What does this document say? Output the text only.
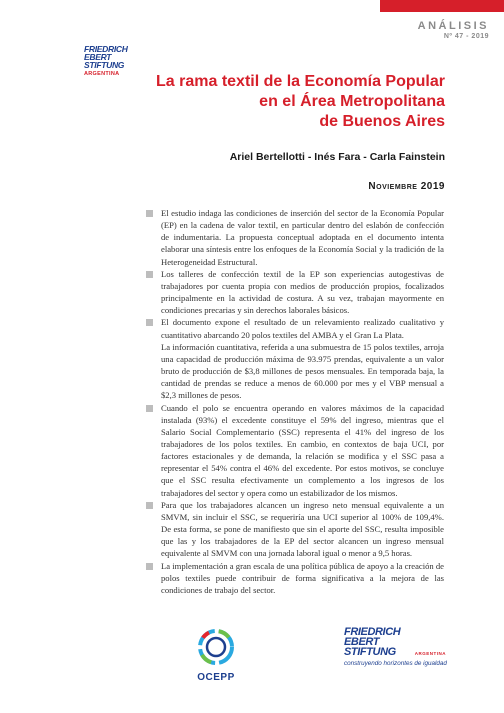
ANÁLISIS
Nº 47 - 2019
FRIEDRICH
EBERT
STIFTUNG
ARGENTINA	La rama textil de la Economía Popular
en el Área Metropolitana
de Buenos Aires
Ariel Bertellotti - Inés Fara - Carla Fainstein
Noviembre 2019

El estudio indaga las condiciones de inserción del sector de la Economía Popular (EP) en la cadena de valor textil, en particular dentro del eslabón de confección de indumentaria. La propuesta conceptual adoptada en el documento intenta elaborar una síntesis entre los enfoques de la Economía Social y la tradición de la Heterogeneidad Estructural.

Los talleres de confección textil de la EP son experiencias autogestivas de trabajadores por cuenta propia con medios de producción propios, focalizados principalmente en la actividad de costura. A su vez, trabajan mayormente en condiciones precarias y sin derechos laborales básicos.

El documento expone el resultado de un relevamiento realizado cualitativo y cuantitativo abarcando 20 polos textiles del AMBA y el Gran La Plata.

La información cuantitativa, referida a una submuestra de 15 polos textiles, arroja una capacidad de producción máxima de 93.975 prendas, equivalente a un valor bruto de producción de $3,8 millones de pesos mensuales. En temporada baja, la cantidad de prendas se reduce a menos de 60.000 por mes y el VBP mensual a $2,3 millones de pesos.

Cuando el polo se encuentra operando en valores máximos de la capacidad instalada (93%) el excedente constituye el 59% del ingreso, mientras que el Salario Social Complementario (SSC) representa el 41% del ingreso de los trabajadores de los polos textiles. En cambio, en contextos de baja UCI, por factores estacionales y de demanda, la relación se modifica y el SSC pasa a representar el 54% contra el 46% del excedente. Por estos motivos, se concluye que el SSC resulta efectivamente un complemento a los ingresos de los trabajadores del sector y opera como un estabilizador de los mismos.

Para que los trabajadores alcancen un ingreso neto mensual equivalente a un SMVM, sin incluir el SSC, se requeriría una UCI superior al 100% de 109,4%. De esta forma, se pone de manifiesto que sin el aporte del SSC, resulta imposible que las y los trabajadores de la EP del sector alcancen un ingreso mensual equivalente al SMVM con una jornada laboral igual o menor a 9,5 horas.

La implementación a gran escala de una política pública de apoyo a la creación de polos textiles puede contribuir de forma significativa a la mejora de las condiciones de trabajo del sector.

OCEPP
FRIEDRICH
EBERT
STIFTUNG	ARGENTINA
construyendo horizontes de igualdad
